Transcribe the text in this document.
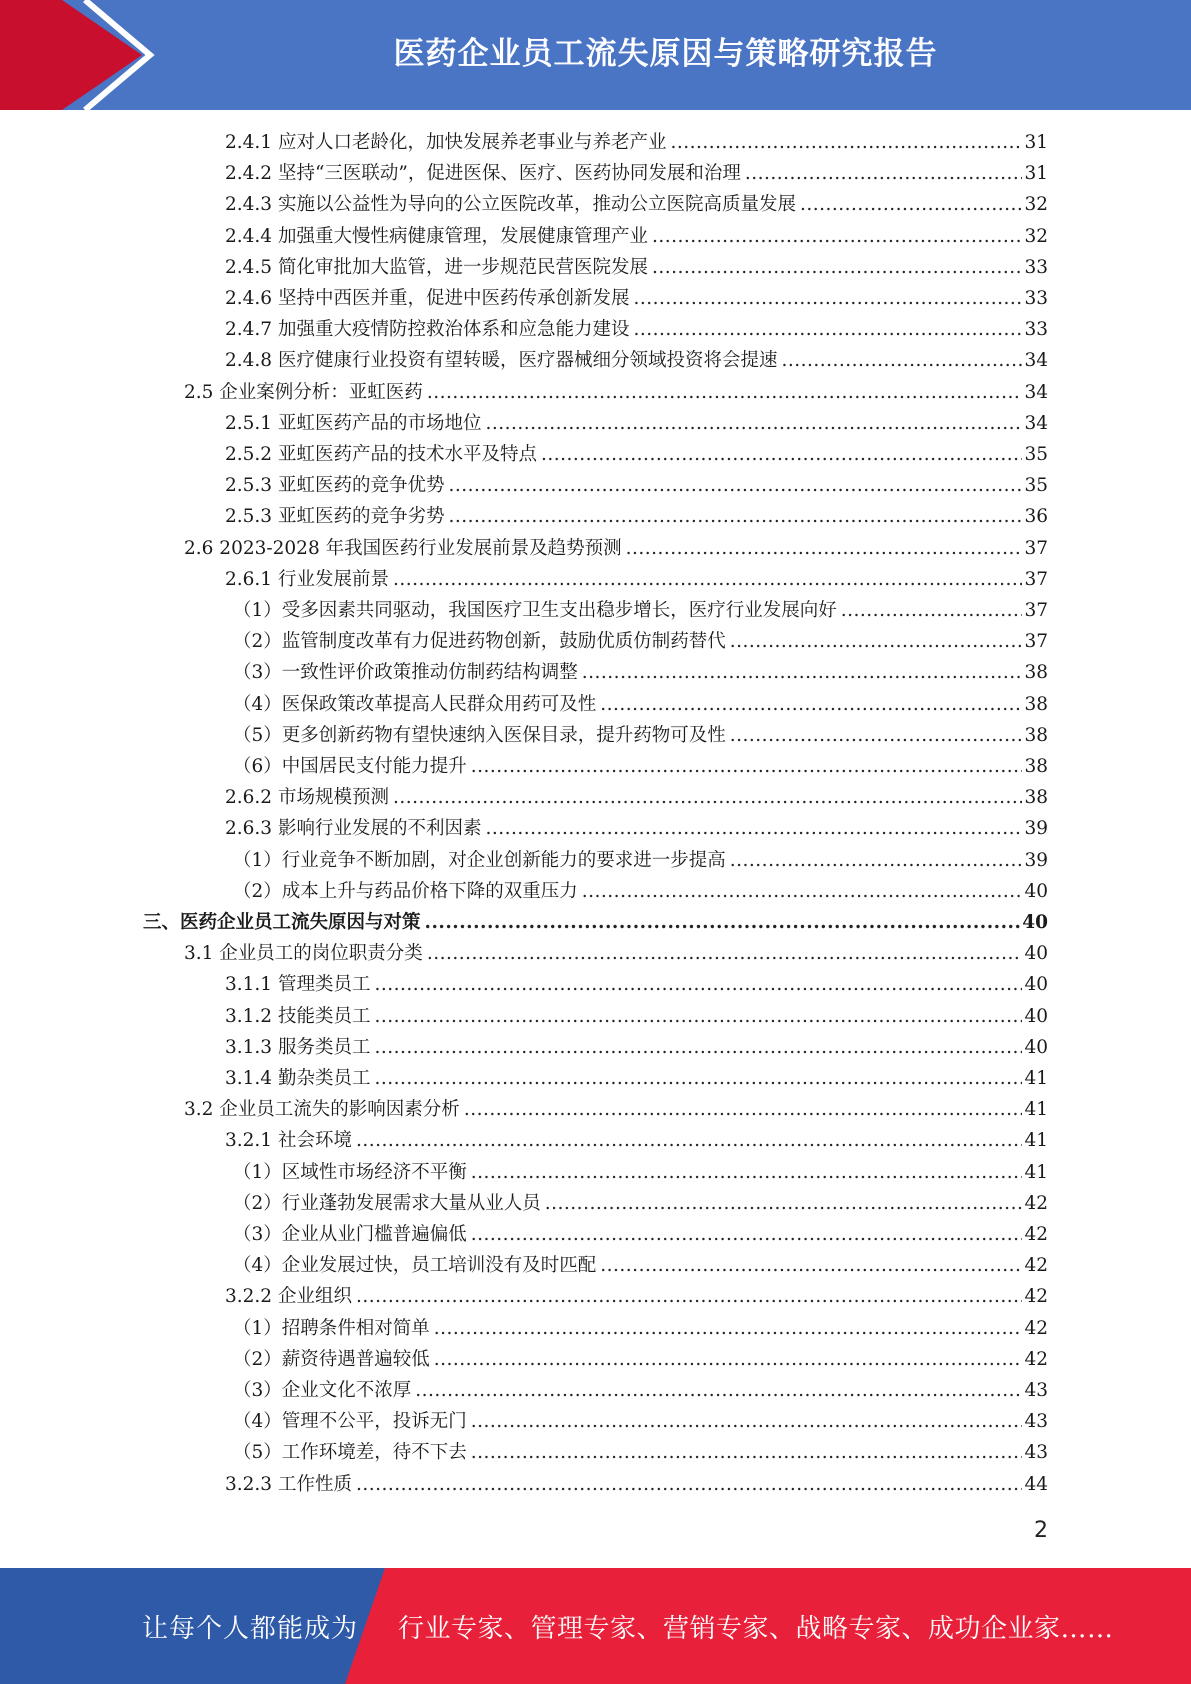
医药企业员工流失原因与策略研究报告
2.4.1 应对人口老龄化，加快发展养老事业与养老产业 .....	31
2.4.2 坚持“三医联动”，促进医保、医疗、医药协同发展和治理 .....	31
2.4.3 实施以公益性为导向的公立医院改革，推动公立医院高质量发展 .....	32
2.4.4 加强重大慢性病健康管理，发展健康管理产业 .....	32
2.4.5 简化审批加大监管，进一步规范民营医院发展 .....	33
2.4.6 坚持中西医并重，促进中医药传承创新发展 .....	33
2.4.7 加强重大疫情防控救治体系和应急能力建设 .....	33
2.4.8 医疗健康行业投资有望转暖，医疗器械细分领域投资将会提速 .....	34
2.5 企业案例分析：亚虹医药 .....	34
2.5.1 亚虹医药产品的市场地位 .....	34
2.5.2 亚虹医药产品的技术水平及特点 .....	35
2.5.3 亚虹医药的竞争优势 .....	35
2.5.3 亚虹医药的竞争劣势 .....	36
2.6 2023-2028 年我国医药行业发展前景及趋势预测 .....	37
2.6.1 行业发展前景 .....	37
（1）受多因素共同驱动，我国医疗卫生支出稳步增长，医疗行业发展向好 .....	37
（2）监管制度改革有力促进药物创新，鼓励优质仿制药替代 .....	37
（3）一致性评价政策推动仿制药结构调整 .....	38
（4）医保政策改革提高人民群众用药可及性 .....	38
（5）更多创新药物有望快速纳入医保目录，提升药物可及性 .....	38
（6）中国居民支付能力提升 .....	38
2.6.2 市场规模预测 .....	38
2.6.3 影响行业发展的不利因素 .....	39
（1）行业竞争不断加剧，对企业创新能力的要求进一步提高 .....	39
（2）成本上升与药品价格下降的双重压力 .....	40
三、医药企业员工流失原因与对策 .....	40
3.1 企业员工的岗位职责分类 .....	40
3.1.1 管理类员工 .....	40
3.1.2 技能类员工 .....	40
3.1.3 服务类员工 .....	40
3.1.4 勤杂类员工 .....	41
3.2 企业员工流失的影响因素分析 .....	41
3.2.1 社会环境 .....	41
（1）区域性市场经济不平衡 .....	41
（2）行业蓬勃发展需求大量从业人员 .....	42
（3）企业从业门槛普遍偏低 .....	42
（4）企业发展过快，员工培训没有及时匹配 .....	42
3.2.2 企业组织 .....	42
（1）招聘条件相对简单 .....	42
（2）薪资待遇普遍较低 .....	42
（3）企业文化不浓厚 .....	43
（4）管理不公平，投诉无门 .....	43
（5）工作环境差，待不下去 .....	43
3.2.3 工作性质 .....	44
2
让每个人都能成为 行业专家、管理专家、营销专家、战略专家、成功企业家……
